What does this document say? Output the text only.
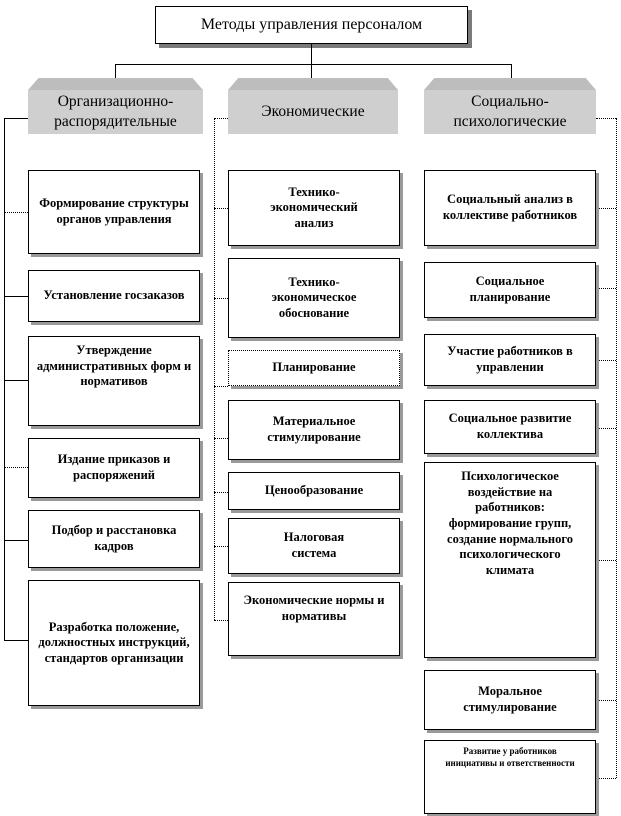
Методы управления персоналом
Организационно-распорядительные
Экономические
Социально-психологические
Формирование структуры органов управления
Установление госзаказов
Утверждение административных форм и нормативов
Издание приказов и распоряжений
Подбор и расстановка кадров
Разработка положение, должностных инструкций, стандартов организации
Технико-экономический анализ
Технико-экономическое обоснование
Планирование
Материальное стимулирование
Ценообразование
Налоговая система
Экономические нормы и нормативы
Социальный анализ в коллективе работников
Социальное планирование
Участие работников в управлении
Социальное развитие коллектива
Психологическое воздействие на работников: формирование групп, создание нормального психологического климата
Моральное стимулирование
Развитие у работников инициативы и ответственности
